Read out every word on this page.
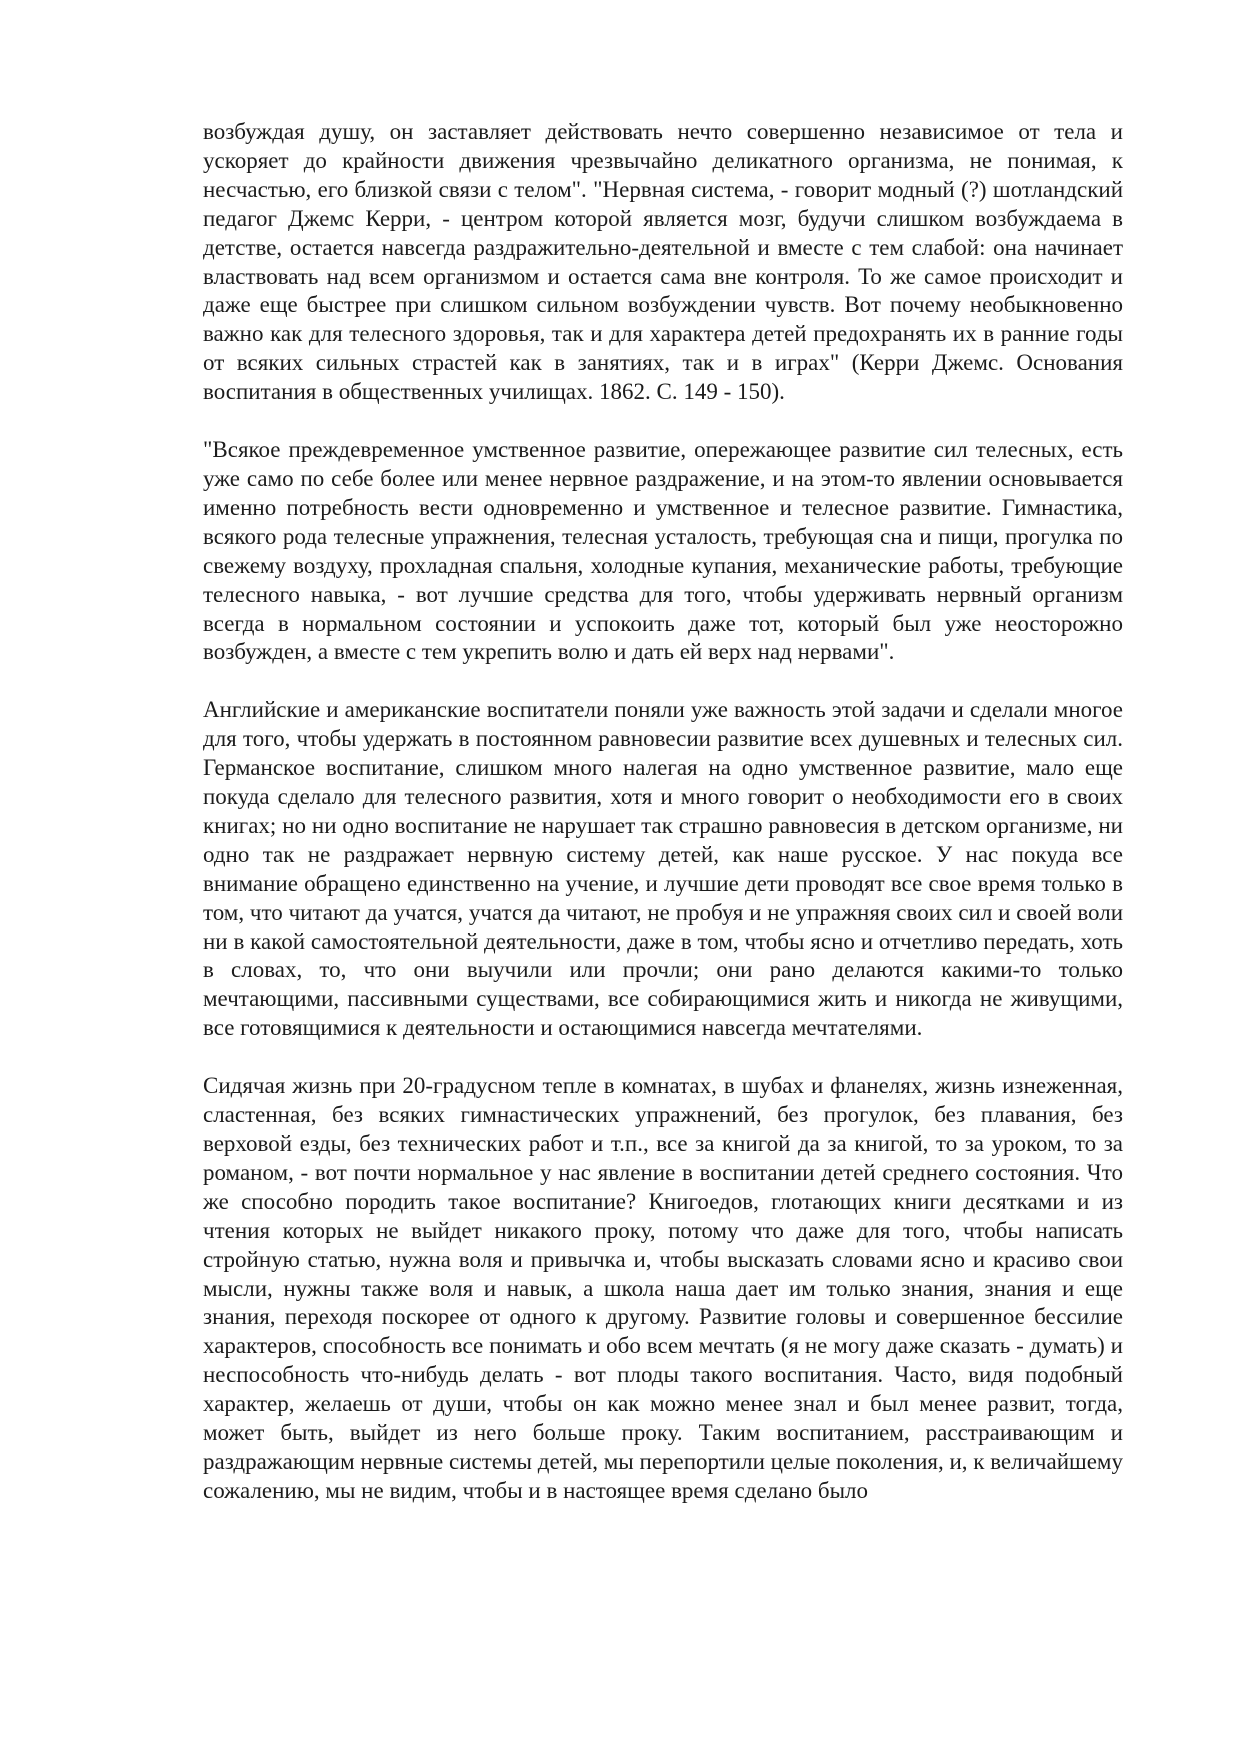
возбуждая душу, он заставляет действовать нечто совершенно независимое от тела и ускоряет до крайности движения чрезвычайно деликатного организма, не понимая, к несчастью, его близкой связи с телом". "Нервная система, - говорит модный (?) шотландский педагог Джемс Керри, - центром которой является мозг, будучи слишком возбуждаема в детстве, остается навсегда раздражительно-деятельной и вместе с тем слабой: она начинает властвовать над всем организмом и остается сама вне контроля. То же самое происходит и даже еще быстрее при слишком сильном возбуждении чувств. Вот почему необыкновенно важно как для телесного здоровья, так и для характера детей предохранять их в ранние годы от всяких сильных страстей как в занятиях, так и в играх" (Керри Джемс. Основания воспитания в общественных училищах. 1862. С. 149 - 150).

"Всякое преждевременное умственное развитие, опережающее развитие сил телесных, есть уже само по себе более или менее нервное раздражение, и на этом-то явлении основывается именно потребность вести одновременно и умственное и телесное развитие. Гимнастика, всякого рода телесные упражнения, телесная усталость, требующая сна и пищи, прогулка по свежему воздуху, прохладная спальня, холодные купания, механические работы, требующие телесного навыка, - вот лучшие средства для того, чтобы удерживать нервный организм всегда в нормальном состоянии и успокоить даже тот, который был уже неосторожно возбужден, а вместе с тем укрепить волю и дать ей верх над нервами".

Английские и американские воспитатели поняли уже важность этой задачи и сделали многое для того, чтобы удержать в постоянном равновесии развитие всех душевных и телесных сил. Германское воспитание, слишком много налегая на одно умственное развитие, мало еще покуда сделало для телесного развития, хотя и много говорит о необходимости его в своих книгах; но ни одно воспитание не нарушает так страшно равновесия в детском организме, ни одно так не раздражает нервную систему детей, как наше русское. У нас покуда все внимание обращено единственно на учение, и лучшие дети проводят все свое время только в том, что читают да учатся, учатся да читают, не пробуя и не упражняя своих сил и своей воли ни в какой самостоятельной деятельности, даже в том, чтобы ясно и отчетливо передать, хоть в словах, то, что они выучили или прочли; они рано делаются какими-то только мечтающими, пассивными существами, все собирающимися жить и никогда не живущими, все готовящимися к деятельности и остающимися навсегда мечтателями.

Сидячая жизнь при 20-градусном тепле в комнатах, в шубах и фланелях, жизнь изнеженная, сластенная, без всяких гимнастических упражнений, без прогулок, без плавания, без верховой езды, без технических работ и т.п., все за книгой да за книгой, то за уроком, то за романом, - вот почти нормальное у нас явление в воспитании детей среднего состояния. Что же способно породить такое воспитание? Книгоедов, глотающих книги десятками и из чтения которых не выйдет никакого проку, потому что даже для того, чтобы написать стройную статью, нужна воля и привычка и, чтобы высказать словами ясно и красиво свои мысли, нужны также воля и навык, а школа наша дает им только знания, знания и еще знания, переходя поскорее от одного к другому. Развитие головы и совершенное бессилие характеров, способность все понимать и обо всем мечтать (я не могу даже сказать - думать) и неспособность что-нибудь делать - вот плоды такого воспитания. Часто, видя подобный характер, желаешь от души, чтобы он как можно менее знал и был менее развит, тогда, может быть, выйдет из него больше проку. Таким воспитанием, расстраивающим и раздражающим нервные системы детей, мы перепортили целые поколения, и, к величайшему сожалению, мы не видим, чтобы и в настоящее время сделано было
